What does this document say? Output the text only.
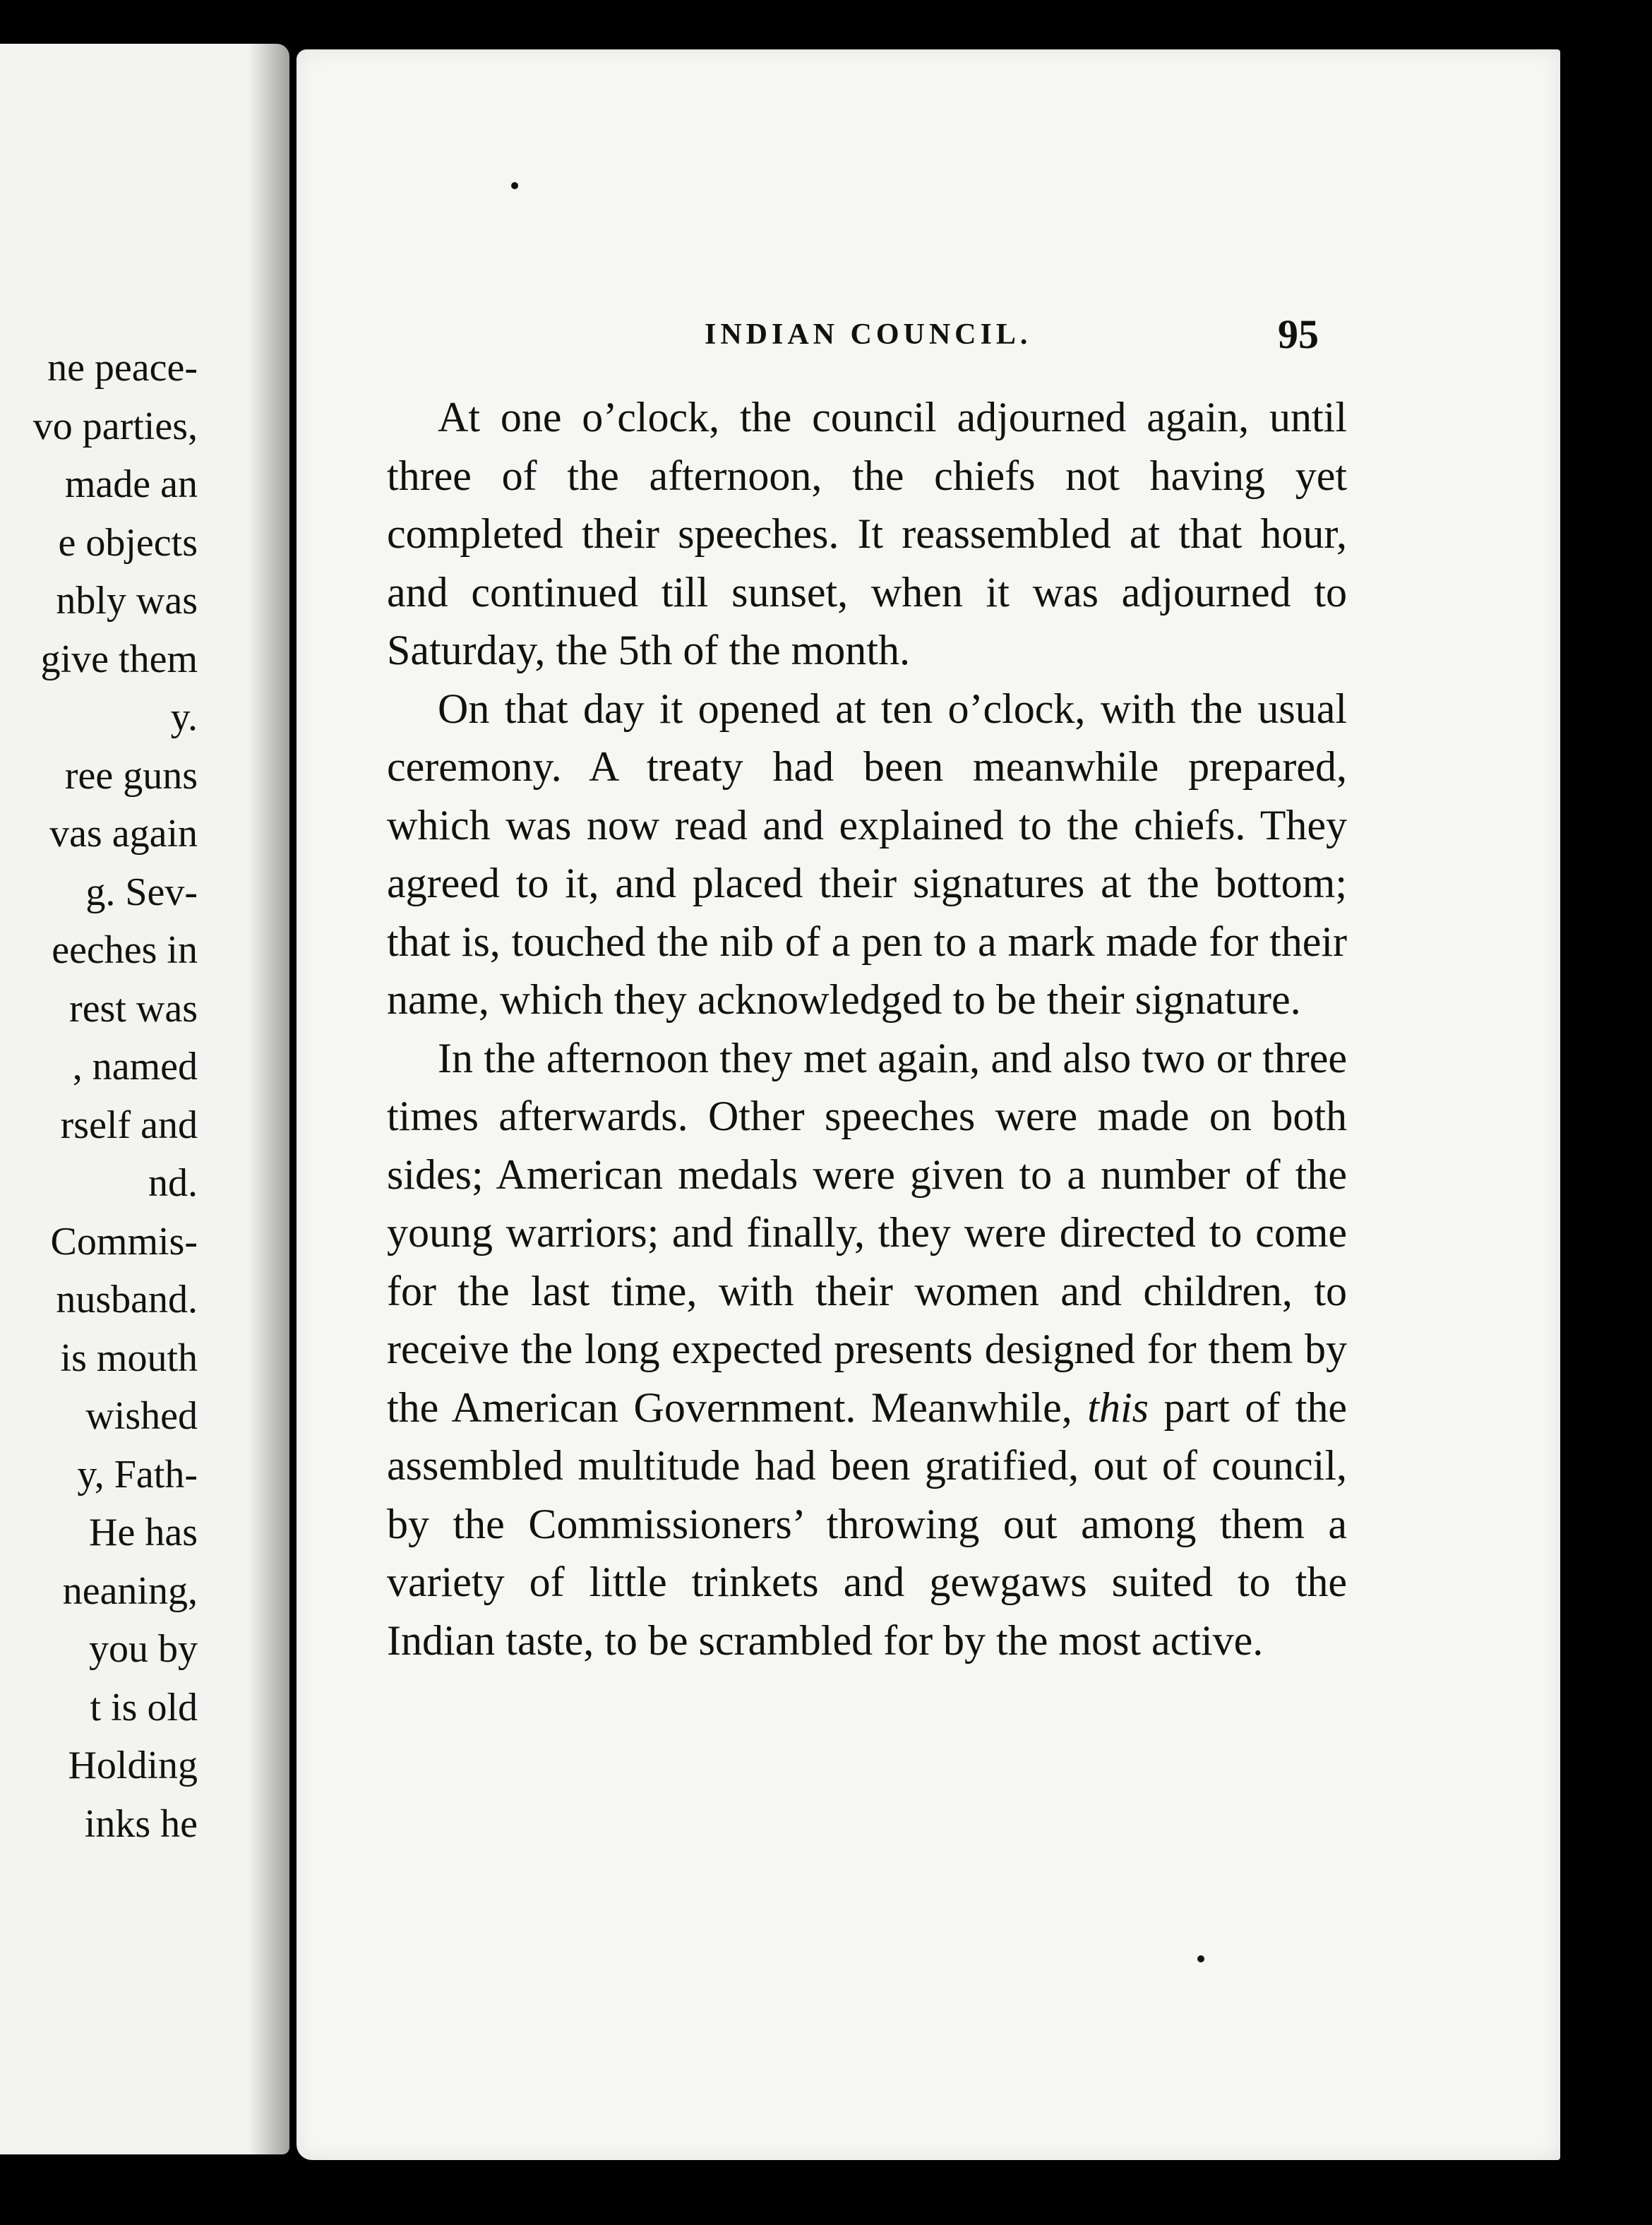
ne peace-
vo parties,
made an
e objects
nbly was
give them
y.
ree guns
vas again
g. Sev-
eeches in
rest was
, named
rself and
nd.
Commis-
nusband.
is mouth
wished
y, Fath-
He has
neaning,
you by
t is old
Holding
inks he
INDIAN COUNCIL.	95

At one o’clock, the council adjourned again, until three of the afternoon, the chiefs not having yet completed their speeches. It reassembled at that hour, and continued till sunset, when it was adjourned to Saturday, the 5th of the month.

On that day it opened at ten o’clock, with the usual ceremony. A treaty had been meanwhile prepared, which was now read and explained to the chiefs. They agreed to it, and placed their signatures at the bottom; that is, touched the nib of a pen to a mark made for their name, which they acknowledged to be their signature.

In the afternoon they met again, and also two or three times afterwards. Other speeches were made on both sides; American medals were given to a number of the young warriors; and finally, they were directed to come for the last time, with their women and children, to receive the long expected presents designed for them by the American Government. Meanwhile, this part of the assembled multitude had been gratified, out of council, by the Commissioners’ throwing out among them a variety of little trinkets and gewgaws suited to the Indian taste, to be scrambled for by the most active.
